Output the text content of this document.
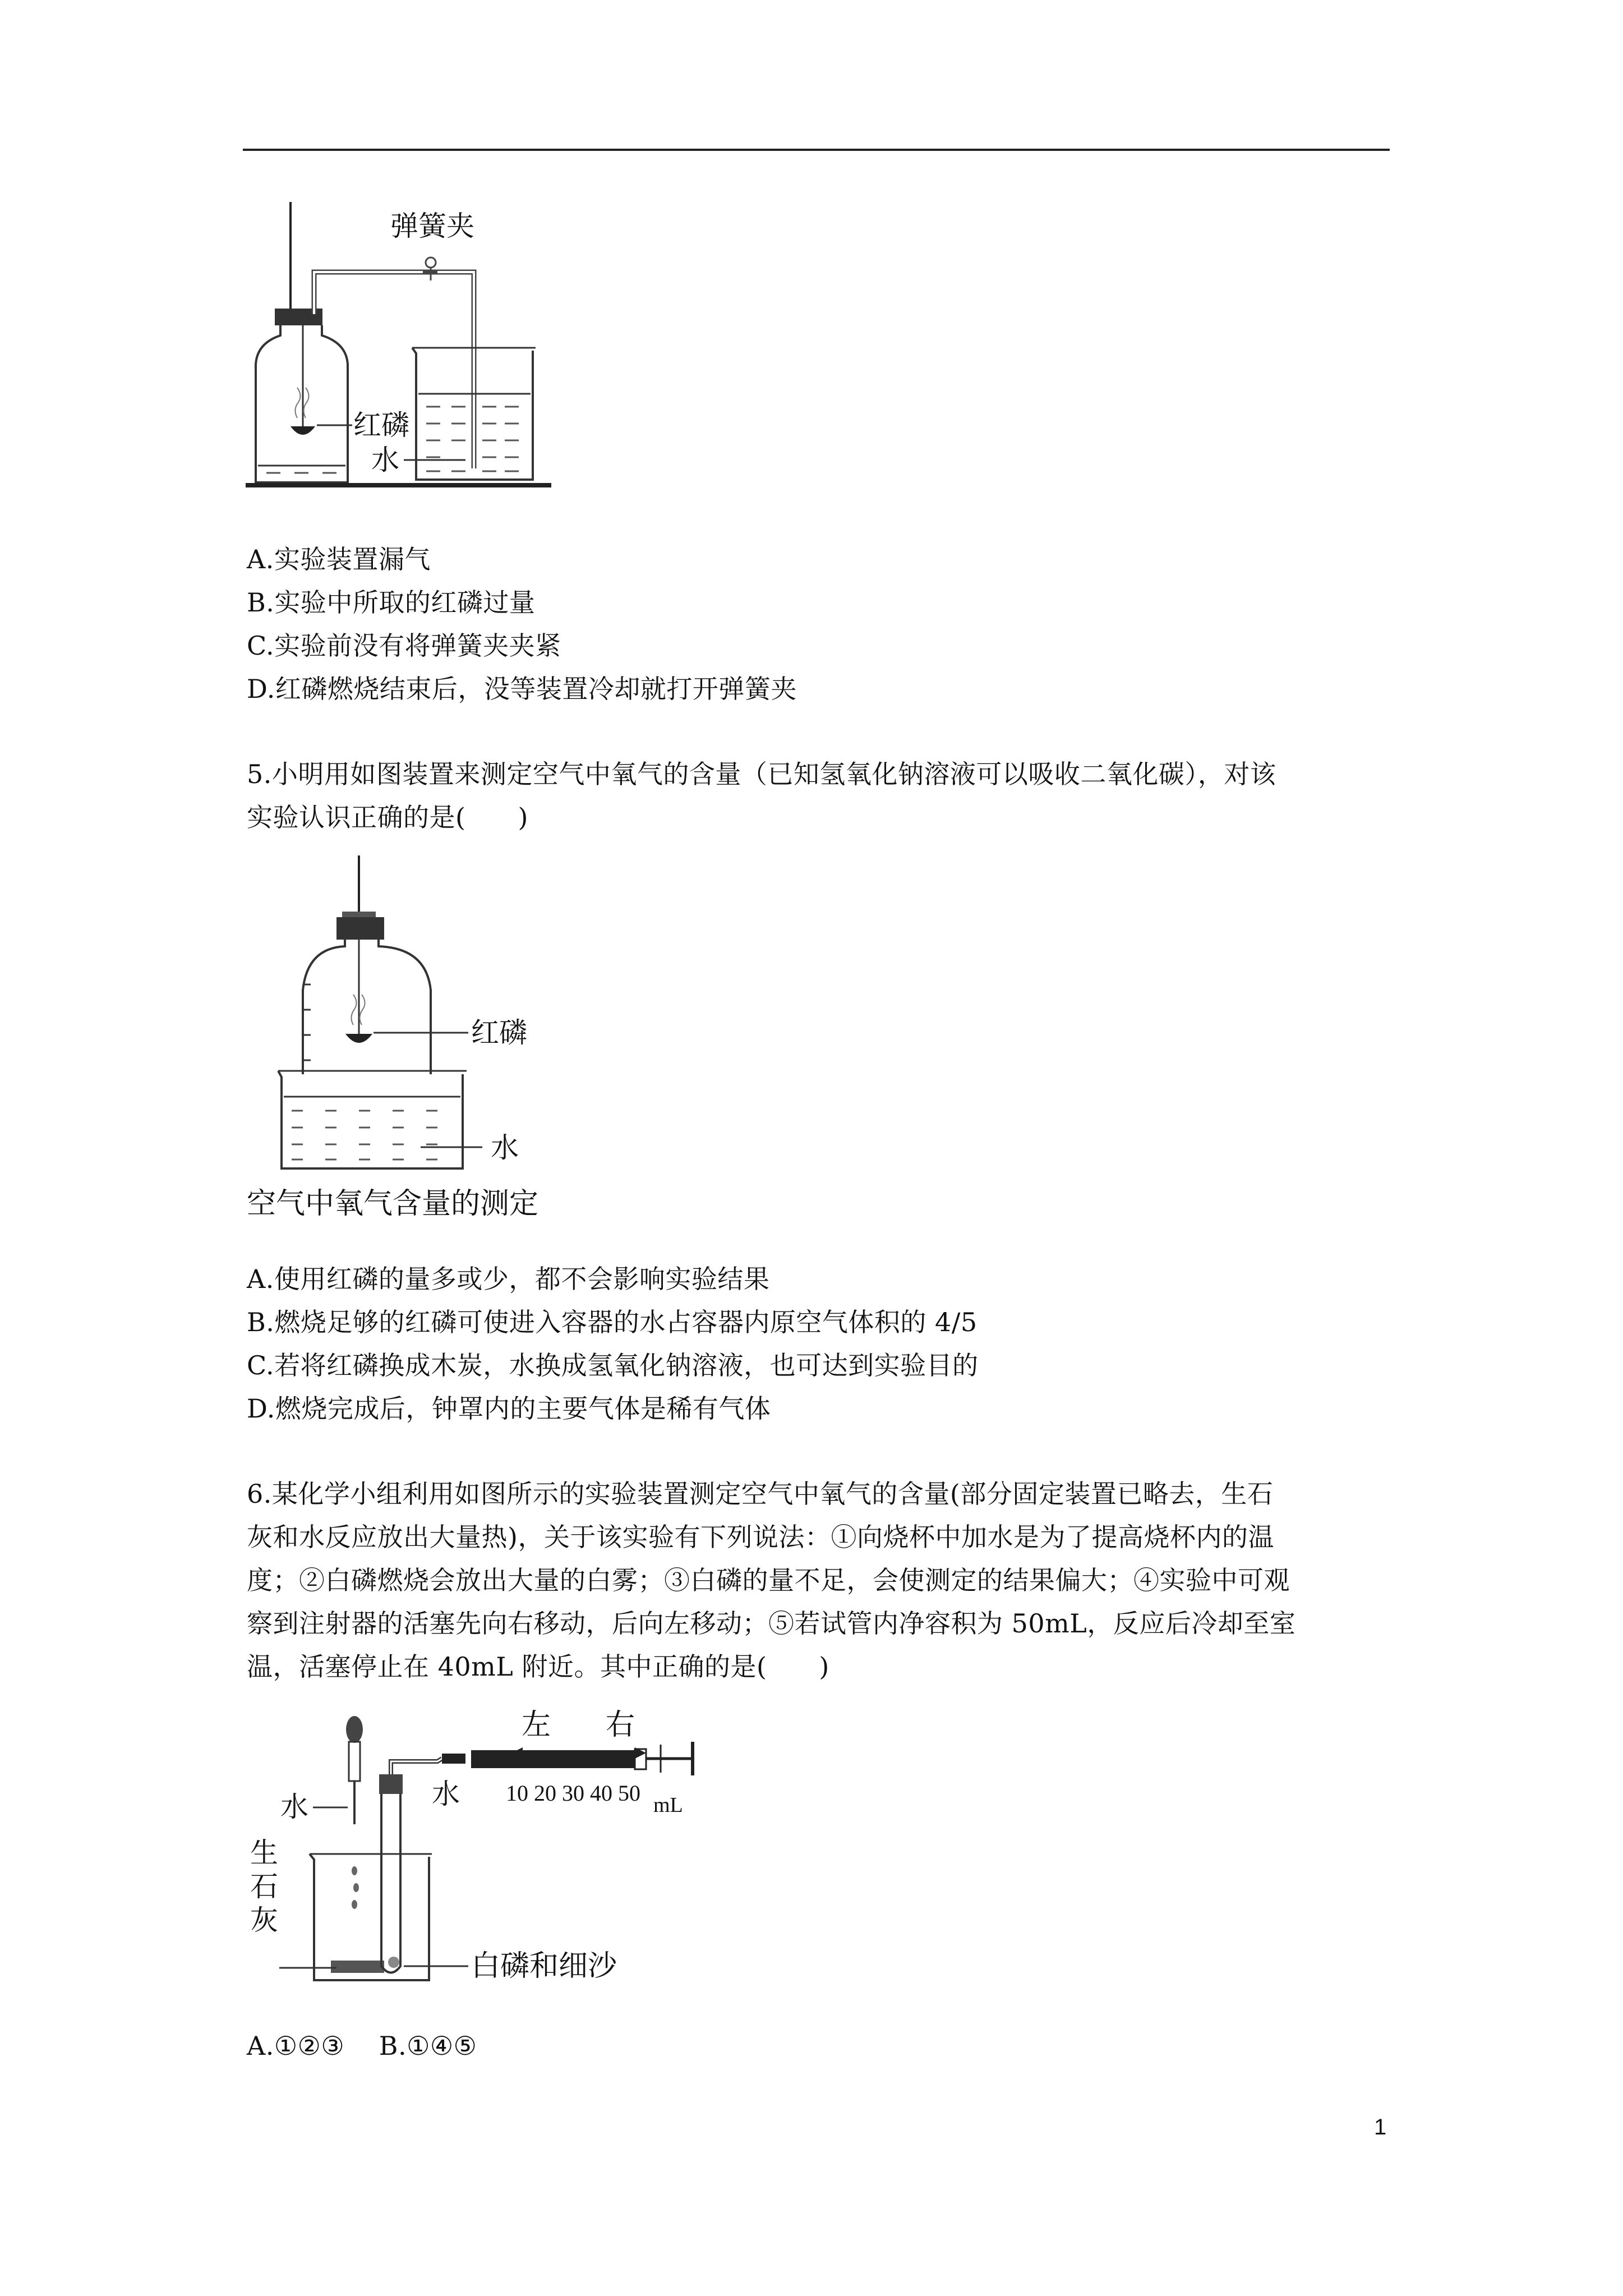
弹簧夹
红磷
水
A.实验装置漏气
B.实验中所取的红磷过量
C.实验前没有将弹簧夹夹紧
D.红磷燃烧结束后，没等装置冷却就打开弹簧夹
5.小明用如图装置来测定空气中氧气的含量（已知氢氧化钠溶液可以吸收二氧化碳），对该
实验认识正确的是(　　)
红磷
水
空气中氧气含量的测定
A.使用红磷的量多或少，都不会影响实验结果
B.燃烧足够的红磷可使进入容器的水占容器内原空气体积的 4/5
C.若将红磷换成木炭，水换成氢氧化钠溶液，也可达到实验目的
D.燃烧完成后，钟罩内的主要气体是稀有气体
6.某化学小组利用如图所示的实验装置测定空气中氧气的含量(部分固定装置已略去，生石
灰和水反应放出大量热)，关于该实验有下列说法：①向烧杯中加水是为了提高烧杯内的温
度；②白磷燃烧会放出大量的白雾；③白磷的量不足，会使测定的结果偏大；④实验中可观
察到注射器的活塞先向右移动，后向左移动；⑤若试管内净容积为 50mL，反应后冷却至室
温，活塞停止在 40mL 附近。其中正确的是(　　)
左 右
水
生
石
灰
水 10 20 30 40 50 mL
白磷和细沙
A.①②③　 B.①④⑤
1
